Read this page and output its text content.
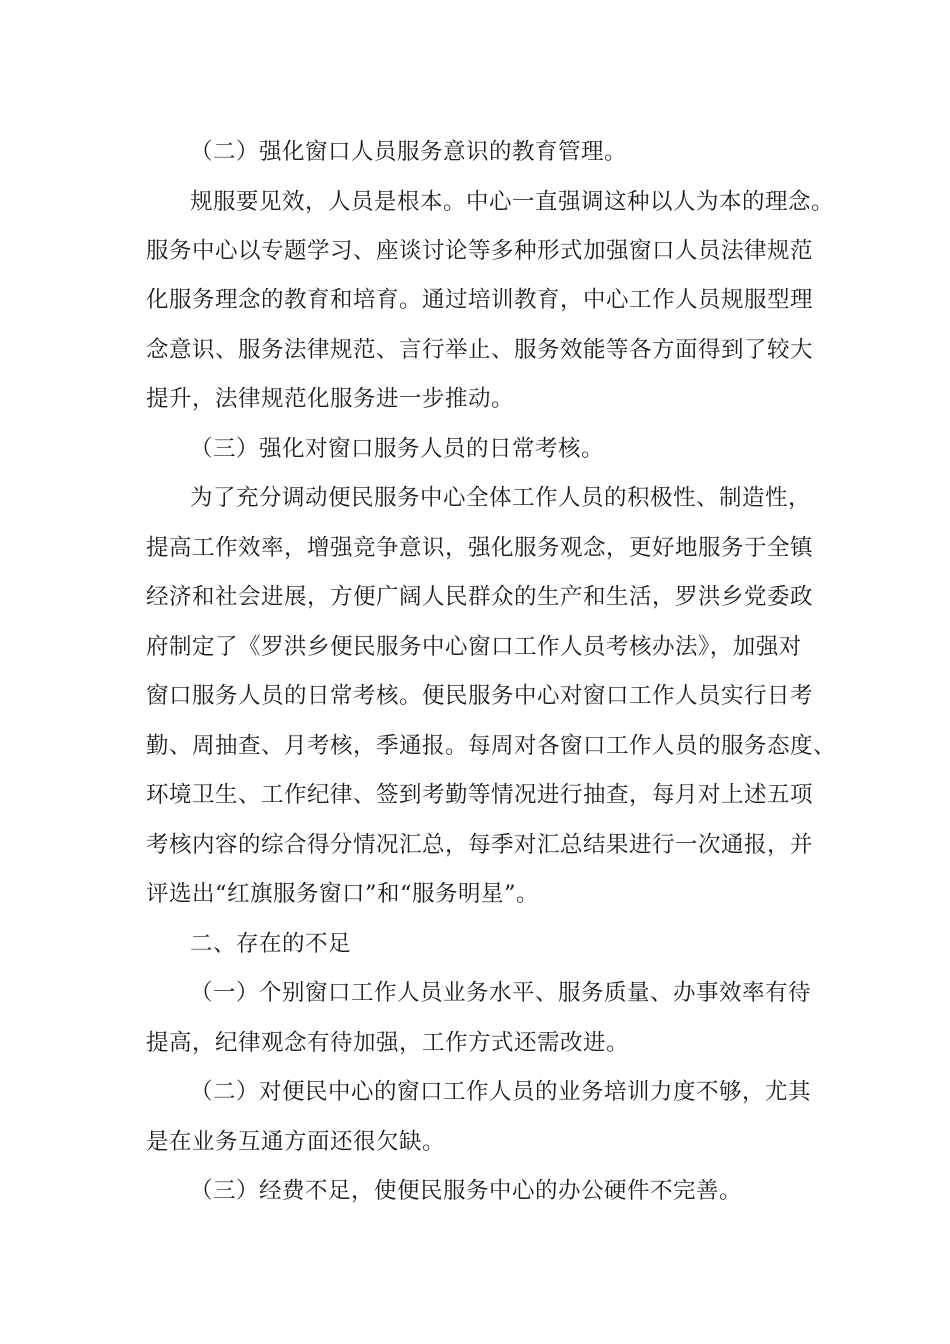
（二）强化窗口人员服务意识的教育管理。
规服要见效，人员是根本。中心一直强调这种以人为本的理念。
服务中心以专题学习、座谈讨论等多种形式加强窗口人员法律规范
化服务理念的教育和培育。通过培训教育，中心工作人员规服型理
念意识、服务法律规范、言行举止、服务效能等各方面得到了较大
提升，法律规范化服务进一步推动。
（三）强化对窗口服务人员的日常考核。
为了充分调动便民服务中心全体工作人员的积极性、制造性，
提高工作效率，增强竞争意识，强化服务观念，更好地服务于全镇
经济和社会进展，方便广阔人民群众的生产和生活，罗洪乡党委政
府制定了《罗洪乡便民服务中心窗口工作人员考核办法》，加强对
窗口服务人员的日常考核。便民服务中心对窗口工作人员实行日考
勤、周抽查、月考核，季通报。每周对各窗口工作人员的服务态度、
环境卫生、工作纪律、签到考勤等情况进行抽查，每月对上述五项
考核内容的综合得分情况汇总，每季对汇总结果进行一次通报，并
评选出“红旗服务窗口”和“服务明星”。
二、存在的不足
（一）个别窗口工作人员业务水平、服务质量、办事效率有待
提高，纪律观念有待加强，工作方式还需改进。
（二）对便民中心的窗口工作人员的业务培训力度不够，尤其
是在业务互通方面还很欠缺。
（三）经费不足，使便民服务中心的办公硬件不完善。
